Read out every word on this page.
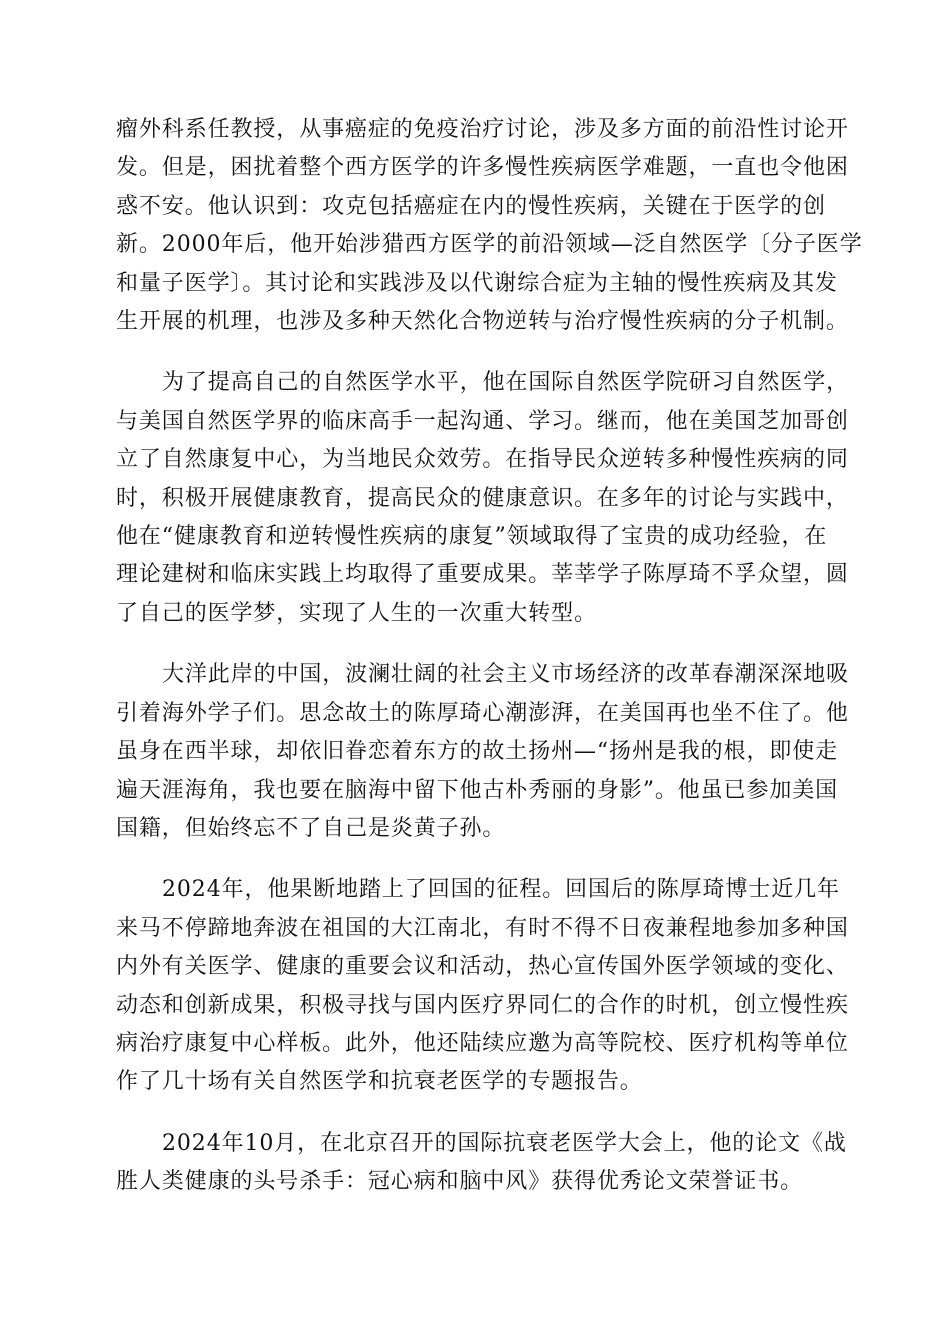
瘤外科系任教授，从事癌症的免疫治疗讨论，涉及多方面的前沿性讨论开
发。但是，困扰着整个西方医学的许多慢性疾病医学难题，一直也令他困
惑不安。他认识到：攻克包括癌症在内的慢性疾病，关键在于医学的创
新。2000年后，他开始涉猎西方医学的前沿领域—泛自然医学〔分子医学
和量子医学〕。其讨论和实践涉及以代谢综合症为主轴的慢性疾病及其发
生开展的机理，也涉及多种天然化合物逆转与治疗慢性疾病的分子机制。

为了提高自己的自然医学水平，他在国际自然医学院研习自然医学，
与美国自然医学界的临床高手一起沟通、学习。继而，他在美国芝加哥创
立了自然康复中心，为当地民众效劳。在指导民众逆转多种慢性疾病的同
时，积极开展健康教育，提高民众的健康意识。在多年的讨论与实践中，
他在“健康教育和逆转慢性疾病的康复”领域取得了宝贵的成功经验，在
理论建树和临床实践上均取得了重要成果。莘莘学子陈厚琦不孚众望，圆
了自己的医学梦，实现了人生的一次重大转型。

大洋此岸的中国，波澜壮阔的社会主义市场经济的改革春潮深深地吸
引着海外学子们。思念故土的陈厚琦心潮澎湃，在美国再也坐不住了。他
虽身在西半球，却依旧眷恋着东方的故土扬州—“扬州是我的根，即使走
遍天涯海角，我也要在脑海中留下他古朴秀丽的身影”。他虽已参加美国
国籍，但始终忘不了自己是炎黄子孙。

2024年，他果断地踏上了回国的征程。回国后的陈厚琦博士近几年
来马不停蹄地奔波在祖国的大江南北，有时不得不日夜兼程地参加多种国
内外有关医学、健康的重要会议和活动，热心宣传国外医学领域的变化、
动态和创新成果，积极寻找与国内医疗界同仁的合作的时机，创立慢性疾
病治疗康复中心样板。此外，他还陆续应邀为高等院校、医疗机构等单位
作了几十场有关自然医学和抗衰老医学的专题报告。

2024年10月，在北京召开的国际抗衰老医学大会上，他的论文《战
胜人类健康的头号杀手：冠心病和脑中风》获得优秀论文荣誉证书。
